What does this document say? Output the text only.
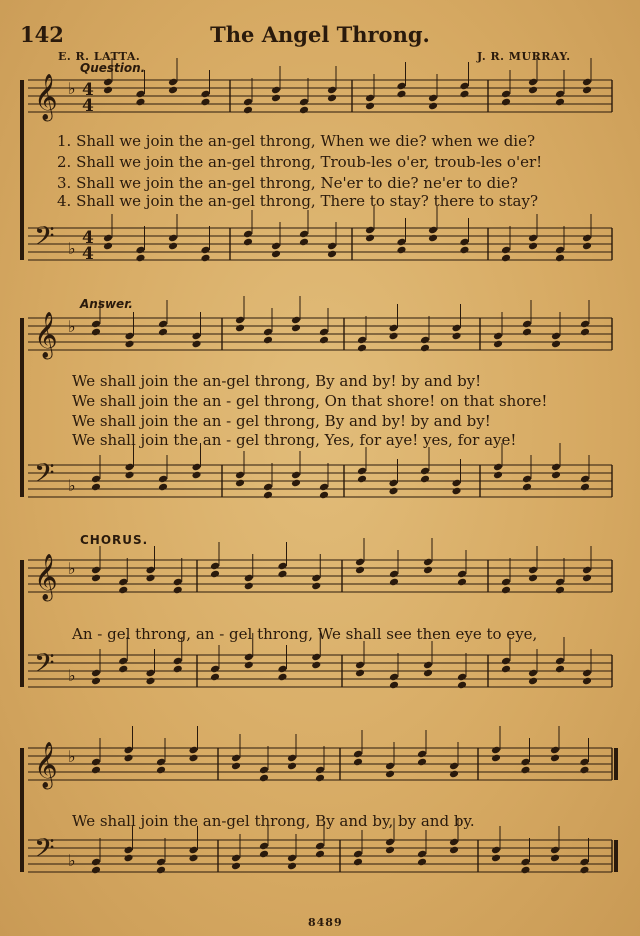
142	The Angel Throng.
E. R. LATTA.	J. R. MURRAY.
Question.
Answer.
CHORUS.
1. Shall we join the an-gel throng, When we die? when we die?
2. Shall we join the an-gel throng, Troub-les o'er, troub-les o'er!
3. Shall we join the an-gel throng, Ne'er to die? ne'er to die?
4. Shall we join the an-gel throng, There to stay? there to stay?
We shall join the an-gel throng, By and by! by and by!
We shall join the an - gel throng, On that shore! on that shore!
We shall join the an - gel throng, By and by! by and by!
We shall join the an - gel throng, Yes, for aye! yes, for aye!
An - gel throng, an - gel throng, We shall see then eye to eye,
We shall join the an-gel throng, By and by, by and by.
8489
𝄞 ♭ 4
4
𝄢 ♭
4
4
𝄞 ♭
𝄢 ♭
𝄞 ♭
𝄢 ♭
𝄞 ♭
𝄢 ♭
